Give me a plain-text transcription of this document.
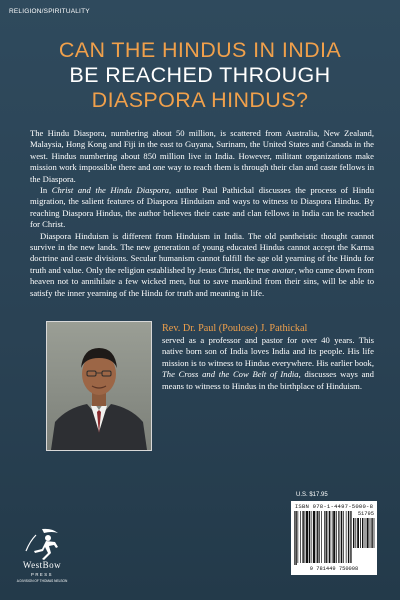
RELIGION/SPIRITUALITY
CAN THE HINDUS IN INDIA
BE REACHED THROUGH
DIASPORA HINDUS?

The Hindu Diaspora, numbering about 50 million, is scattered from Australia, New Zealand, Malaysia, Hong Kong and Fiji in the east to Guyana, Surinam, the United States and Canada in the west. Hindus numbering about 850 million live in India. However, militant organizations make mission work impossible there and one way to reach them is through their clan and caste fellows in the Diaspora.

In Christ and the Hindu Diaspora, author Paul Pathickal discusses the process of Hindu migration, the salient features of Diaspora Hinduism and ways to witness to Diaspora Hindus. By reaching Diaspora Hindus, the author believes their caste and clan fellows in India can be reached for Christ.

Diaspora Hinduism is different from Hinduism in India. The old pantheistic thought cannot survive in the new lands. The new generation of young educated Hindus cannot accept the Karma doctrine and caste divisions. Secular humanism cannot fulfill the age old yearning of the Hindu for truth and value. Only the religion established by Jesus Christ, the true avatar, who came down from heaven not to annihilate a few wicked men, but to save mankind from their sins, will be able to satisfy the inner yearning of the Hindu for truth and meaning in life.

Rev. Dr. Paul (Poulose) J. Pathickal
served as a professor and pastor for over 40 years. This native born son of India loves India and its people. His life mission is to witness to Hindus everywhere. His earlier book, The Cross and the Cow Belt of India, discusses ways and means to witness to Hindus in the birthplace of Hinduism.
U.S. $17.95
ISBN 978-1-4497-5000-8
51795
9 781449 750008
WestBow
PRESS
A DIVISION OF THOMAS NELSON
